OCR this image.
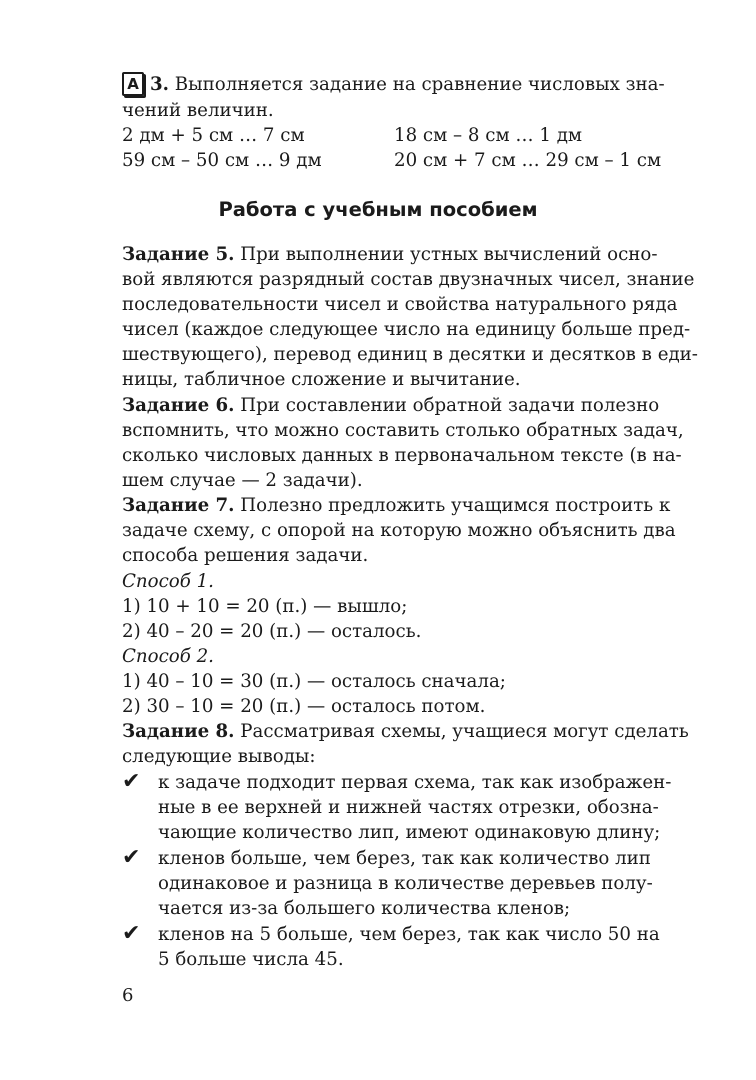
А 3. Выполняется задание на сравнение числовых зна-
чений величин.
2 дм + 5 см … 7 см	18 см – 8 см … 1 дм
59 см – 50 см … 9 дм	20 см + 7 см … 29 см – 1 см
Работа с учебным пособием
Задание 5. При выполнении устных вычислений осно-
вой являются разрядный состав двузначных чисел, знание
последовательности чисел и свойства натурального ряда
чисел (каждое следующее число на единицу больше пред-
шествующего), перевод единиц в десятки и десятков в еди-
ницы, табличное сложение и вычитание.
Задание 6. При составлении обратной задачи полезно
вспомнить, что можно составить столько обратных задач,
сколько числовых данных в первоначальном тексте (в на-
шем случае — 2 задачи).
Задание 7. Полезно предложить учащимся построить к
задаче схему, с опорой на которую можно объяснить два
способа решения задачи.
Способ 1.
1) 10 + 10 = 20 (п.) — вышло;
2) 40 – 20 = 20 (п.) — осталось.
Способ 2.
1) 40 – 10 = 30 (п.) — осталось сначала;
2) 30 – 10 = 20 (п.) — осталось потом.
Задание 8. Рассматривая схемы, учащиеся могут сделать
следующие выводы:
✔ к задаче подходит первая схема, так как изображен-
ные в ее верхней и нижней частях отрезки, обозна-
чающие количество лип, имеют одинаковую длину;
✔ кленов больше, чем берез, так как количество лип
одинаковое и разница в количестве деревьев полу-
чается из-за большего количества кленов;
✔ кленов на 5 больше, чем берез, так как число 50 на
5 больше числа 45.
6
